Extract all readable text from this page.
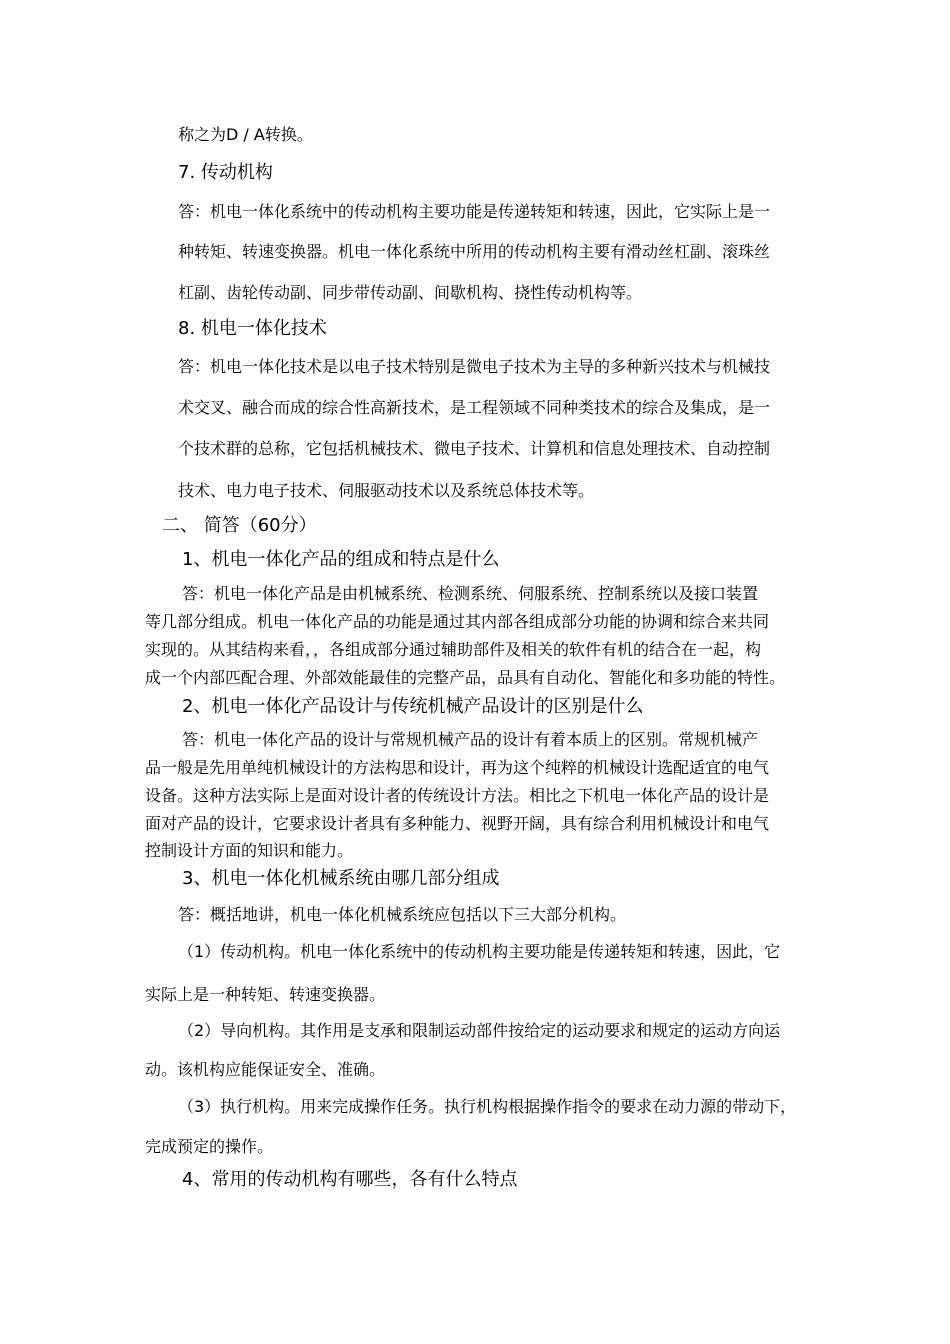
称之为D / A转换。
7. 传动机构
答：机电一体化系统中的传动机构主要功能是传递转矩和转速，因此，它实际上是一
种转矩、转速变换器。机电一体化系统中所用的传动机构主要有滑动丝杠副、滚珠丝
杠副、齿轮传动副、同步带传动副、间歇机构、挠性传动机构等。
8. 机电一体化技术
答：机电一体化技术是以电子技术特别是微电子技术为主导的多种新兴技术与机械技
术交叉、融合而成的综合性高新技术，是工程领域不同种类技术的综合及集成，是一
个技术群的总称，它包括机械技术、微电子技术、计算机和信息处理技术、自动控制
技术、电力电子技术、伺服驱动技术以及系统总体技术等。
二、 简答（60分）
1、机电一体化产品的组成和特点是什么
答：机电一体化产品是由机械系统、检测系统、伺服系统、控制系统以及接口装置
等几部分组成。机电一体化产品的功能是通过其内部各组成部分功能的协调和综合来共同
实现的。从其结构来看，，各组成部分通过辅助部件及相关的软件有机的结合在一起，构
成一个内部匹配合理、外部效能最佳的完整产品，品具有自动化、智能化和多功能的特性。
2、机电一体化产品设计与传统机械产品设计的区别是什么
答：机电一体化产品的设计与常规机械产品的设计有着本质上的区别。常规机械产
品一般是先用单纯机械设计的方法构思和设计，再为这个纯粹的机械设计选配适宜的电气
设备。这种方法实际上是面对设计者的传统设计方法。相比之下机电一体化产品的设计是
面对产品的设计，它要求设计者具有多种能力、视野开阔，具有综合利用机械设计和电气
控制设计方面的知识和能力。
3、机电一体化机械系统由哪几部分组成
答：概括地讲，机电一体化机械系统应包括以下三大部分机构。
（1）传动机构。机电一体化系统中的传动机构主要功能是传递转矩和转速，因此，它
实际上是一种转矩、转速变换器。
（2）导向机构。其作用是支承和限制运动部件按给定的运动要求和规定的运动方向运
动。该机构应能保证安全、准确。
（3）执行机构。用来完成操作任务。执行机构根据操作指令的要求在动力源的带动下，
完成预定的操作。
4、常用的传动机构有哪些，各有什么特点
